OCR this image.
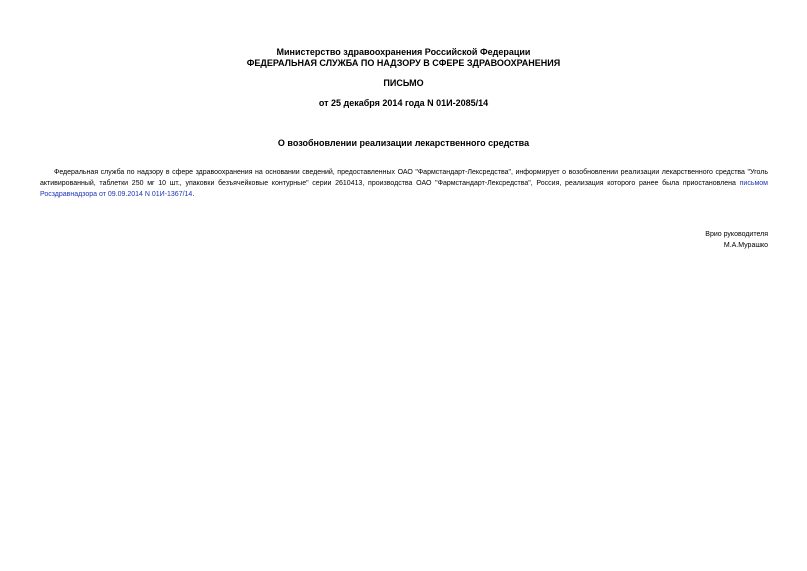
Министерство здравоохранения Российской Федерации
ФЕДЕРАЛЬНАЯ СЛУЖБА ПО НАДЗОРУ В СФЕРЕ ЗДРАВООХРАНЕНИЯ
ПИСЬМО
от 25 декабря 2014 года N 01И-2085/14
О возобновлении реализации лекарственного средства
Федеральная служба по надзору в сфере здравоохранения на основании сведений, предоставленных ОАО "Фармстандарт-Лексредства", информирует о возобновлении реализации лекарственного средства "Уголь активированный, таблетки 250 мг 10 шт., упаковки безъячейковые контурные" серии 2610413, производства ОАО "Фармстандарт-Лексредства", Россия, реализация которого ранее была приостановлена письмом Росздравнадзора от 09.09.2014 N 01И-1367/14.
Врио руководителя
М.А.Мурашко
